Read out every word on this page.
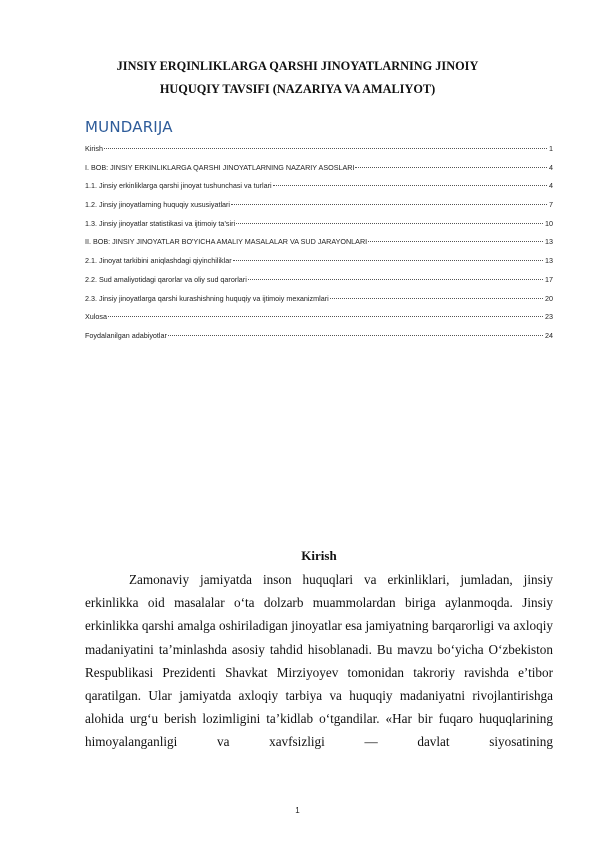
JINSIY ERQINLIKLARGA QARSHI JINOYATLARNING JINOIY HUQUQIY TAVSIFI (NAZARIYA VA AMALIYOT)
MUNDARIJA
Kirish	1
I. BOB: JINSIY ERKINLIKLARGA QARSHI JINOYATLARNING NAZARIY ASOSLARI	4
1.1. Jinsiy erkinliklarga qarshi jinoyat tushunchasi va turlari	4
1.2. Jinsiy jinoyatlarning huquqiy xususiyatlari	7
1.3. Jinsiy jinoyatlar statistikasi va ijtimoiy ta’siri	10
II. BOB: JINSIY JINOYATLAR BO'YICHA AMALIY MASALALAR VA SUD JARAYONLARI	13
2.1. Jinoyat tarkibini aniqlashdagi qiyinchiliklar	13
2.2. Sud amaliyotidagi qarorlar va oliy sud qarorlari	17
2.3. Jinsiy jinoyatlarga qarshi kurashishning huquqiy va ijtimoiy mexanizmlari	20
Xulosa	23
Foydalanilgan adabiyotlar	24
Kirish

Zamonaviy jamiyatda inson huquqlari va erkinliklari, jumladan, jinsiy erkinlikka oid masalalar o‘ta dolzarb muammolardan biriga aylanmoqda. Jinsiy erkinlikka qarshi amalga oshiriladigan jinoyatlar esa jamiyatning barqarorligi va axloqiy madaniyatini ta’minlashda asosiy tahdid hisoblanadi. Bu mavzu bo‘yicha O‘zbekiston Respublikasi Prezidenti Shavkat Mirziyoyev tomonidan takroriy ravishda e’tibor qaratilgan. Ular jamiyatda axloqiy tarbiya va huquqiy madaniyatni rivojlantirishga alohida urg‘u berish lozimligini ta’kidlab o‘tgandilar. «Har bir fuqaro huquqlarining himoyalanganligi va xavfsizligi — davlat siyosatining

1
